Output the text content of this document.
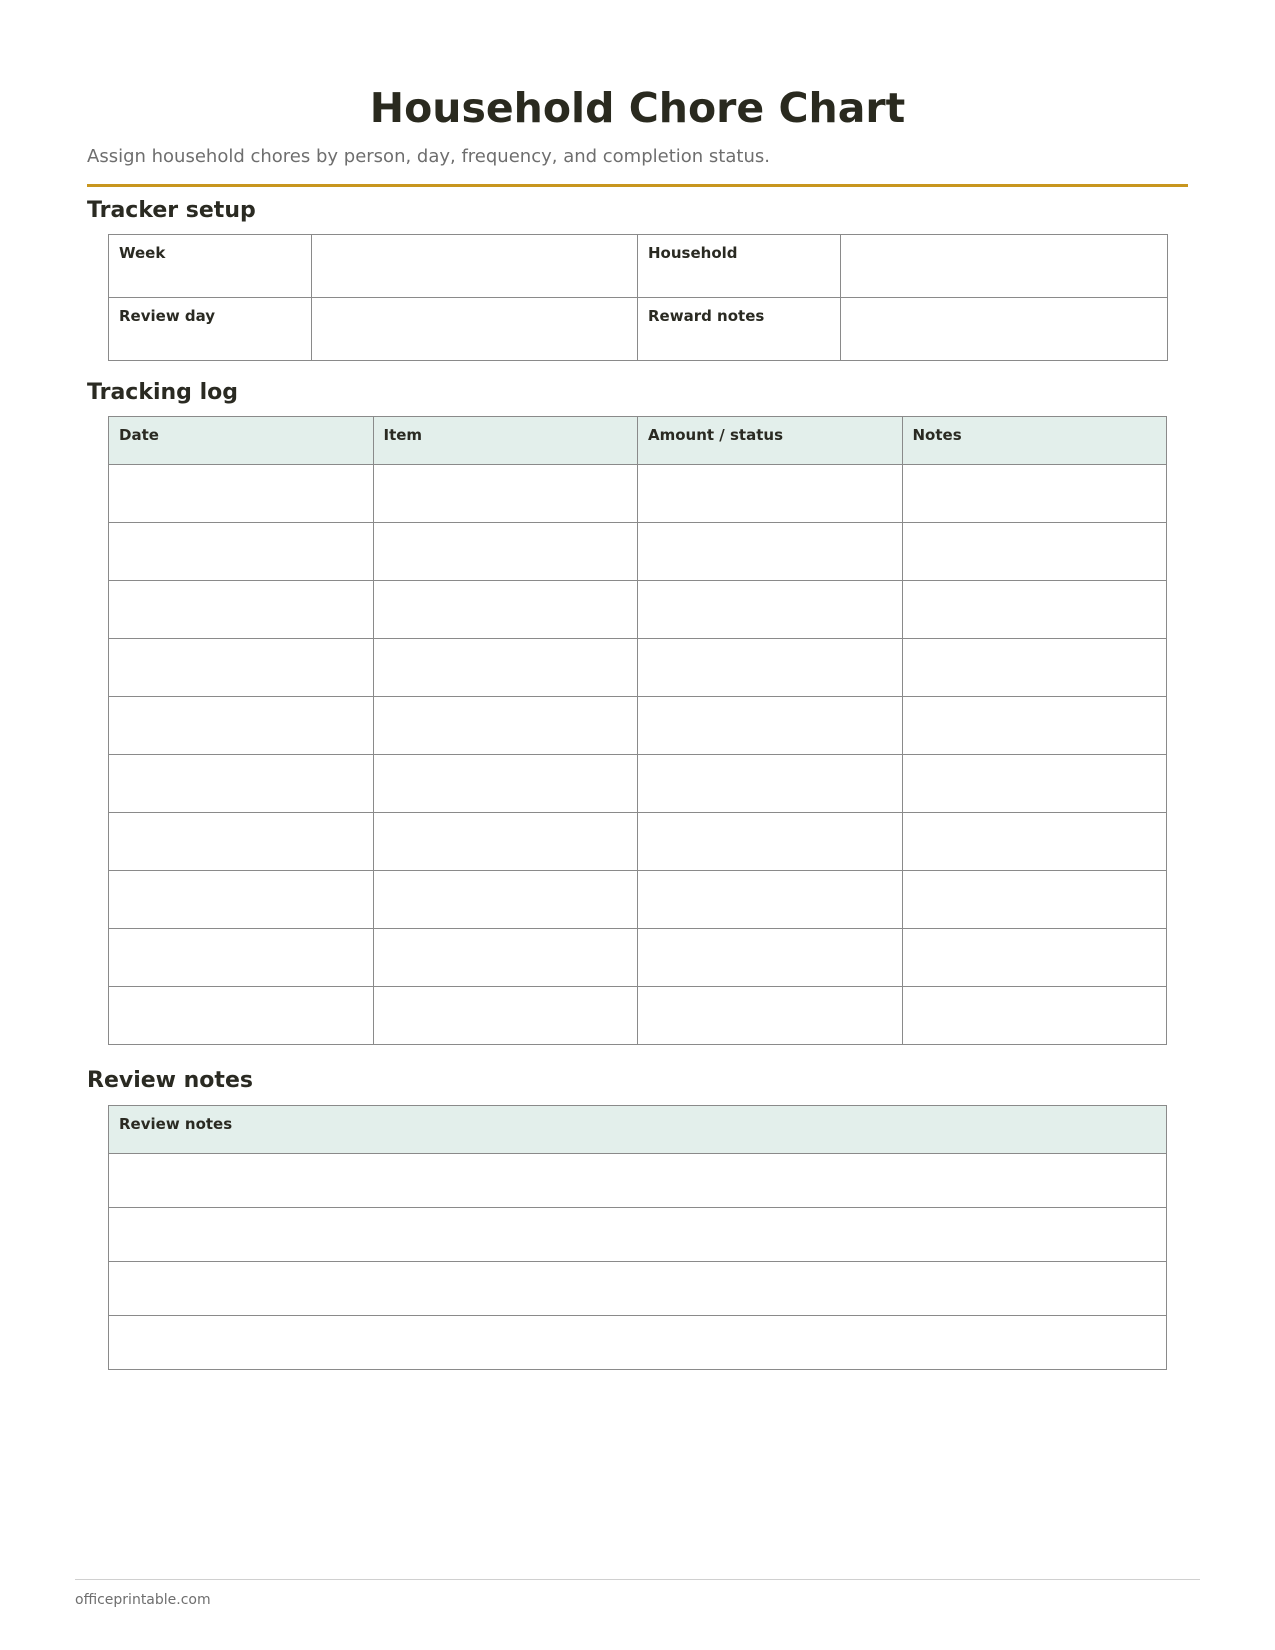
Household Chore Chart

Assign household chores by person, day, frequency, and completion status.

Tracker setup
Week		Household	

Review day		Reward notes	

Tracking log
Date	Item	Amount / status	Notes

Review notes
Review notes

officeprintable.com
